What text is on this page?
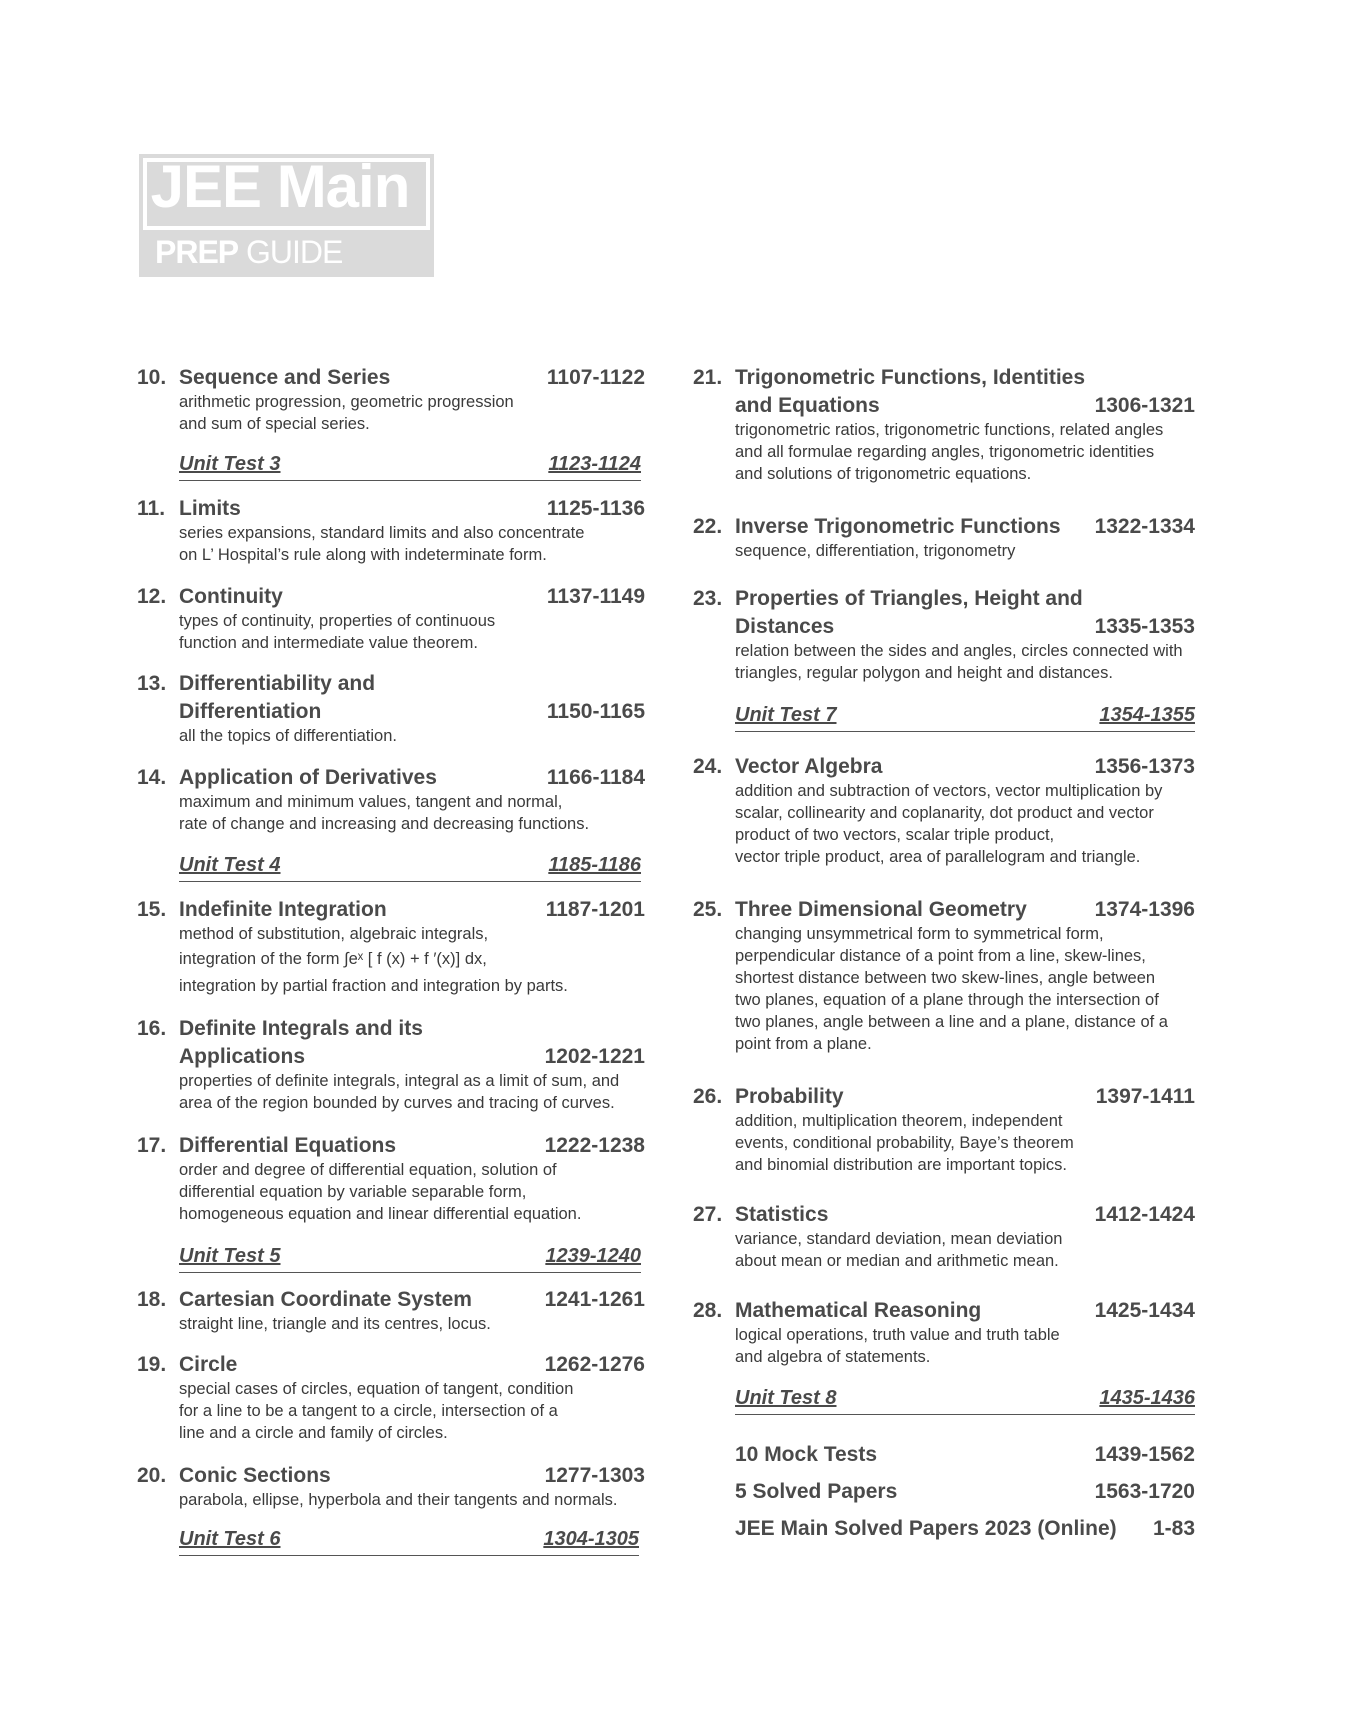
JEE Main
PREP GUIDE
10. Sequence and Series	1107-1122
arithmetic progression, geometric progression
and sum of special series.
Unit Test 3	1123-1124
11. Limits	1125-1136
series expansions, standard limits and also concentrate
on L’ Hospital’s rule along with indeterminate form.
12. Continuity	1137-1149
types of continuity, properties of continuous
function and intermediate value theorem.
13. Differentiability and
Differentiation	1150-1165
all the topics of differentiation.
14. Application of Derivatives	1166-1184
maximum and minimum values, tangent and normal,
rate of change and increasing and decreasing functions.
Unit Test 4	1185-1186
15. Indefinite Integration	1187-1201
method of substitution, algebraic integrals,
integration of the form ∫eˣ [ f (x) + f ′(x)] dx,
integration by partial fraction and integration by parts.
16. Definite Integrals and its
Applications	1202-1221
properties of definite integrals, integral as a limit of sum, and
area of the region bounded by curves and tracing of curves.
17. Differential Equations	1222-1238
order and degree of differential equation, solution of
differential equation by variable separable form,
homogeneous equation and linear differential equation.
Unit Test 5	1239-1240
18. Cartesian Coordinate System	1241-1261
straight line, triangle and its centres, locus.
19. Circle	1262-1276
special cases of circles, equation of tangent, condition
for a line to be a tangent to a circle, intersection of a
line and a circle and family of circles.
20. Conic Sections	1277-1303
parabola, ellipse, hyperbola and their tangents and normals.
Unit Test 6	1304-1305
21. Trigonometric Functions, Identities
and Equations	1306-1321
trigonometric ratios, trigonometric functions, related angles
and all formulae regarding angles, trigonometric identities
and solutions of trigonometric equations.
22. Inverse Trigonometric Functions	1322-1334
sequence, differentiation, trigonometry
23. Properties of Triangles, Height and
Distances	1335-1353
relation between the sides and angles, circles connected with
triangles, regular polygon and height and distances.
Unit Test 7	1354-1355
24. Vector Algebra	1356-1373
addition and subtraction of vectors, vector multiplication by
scalar, collinearity and coplanarity, dot product and vector
product of two vectors, scalar triple product,
vector triple product, area of parallelogram and triangle.
25. Three Dimensional Geometry	1374-1396
changing unsymmetrical form to symmetrical form,
perpendicular distance of a point from a line, skew-lines,
shortest distance between two skew-lines, angle between
two planes, equation of a plane through the intersection of
two planes, angle between a line and a plane, distance of a
point from a plane.
26. Probability	1397-1411
addition, multiplication theorem, independent
events, conditional probability, Baye’s theorem
and binomial distribution are important topics.
27. Statistics	1412-1424
variance, standard deviation, mean deviation
about mean or median and arithmetic mean.
28. Mathematical Reasoning	1425-1434
logical operations, truth value and truth table
and algebra of statements.
Unit Test 8	1435-1436
10 Mock Tests	1439-1562
5 Solved Papers	1563-1720
JEE Main Solved Papers 2023 (Online)	1-83
